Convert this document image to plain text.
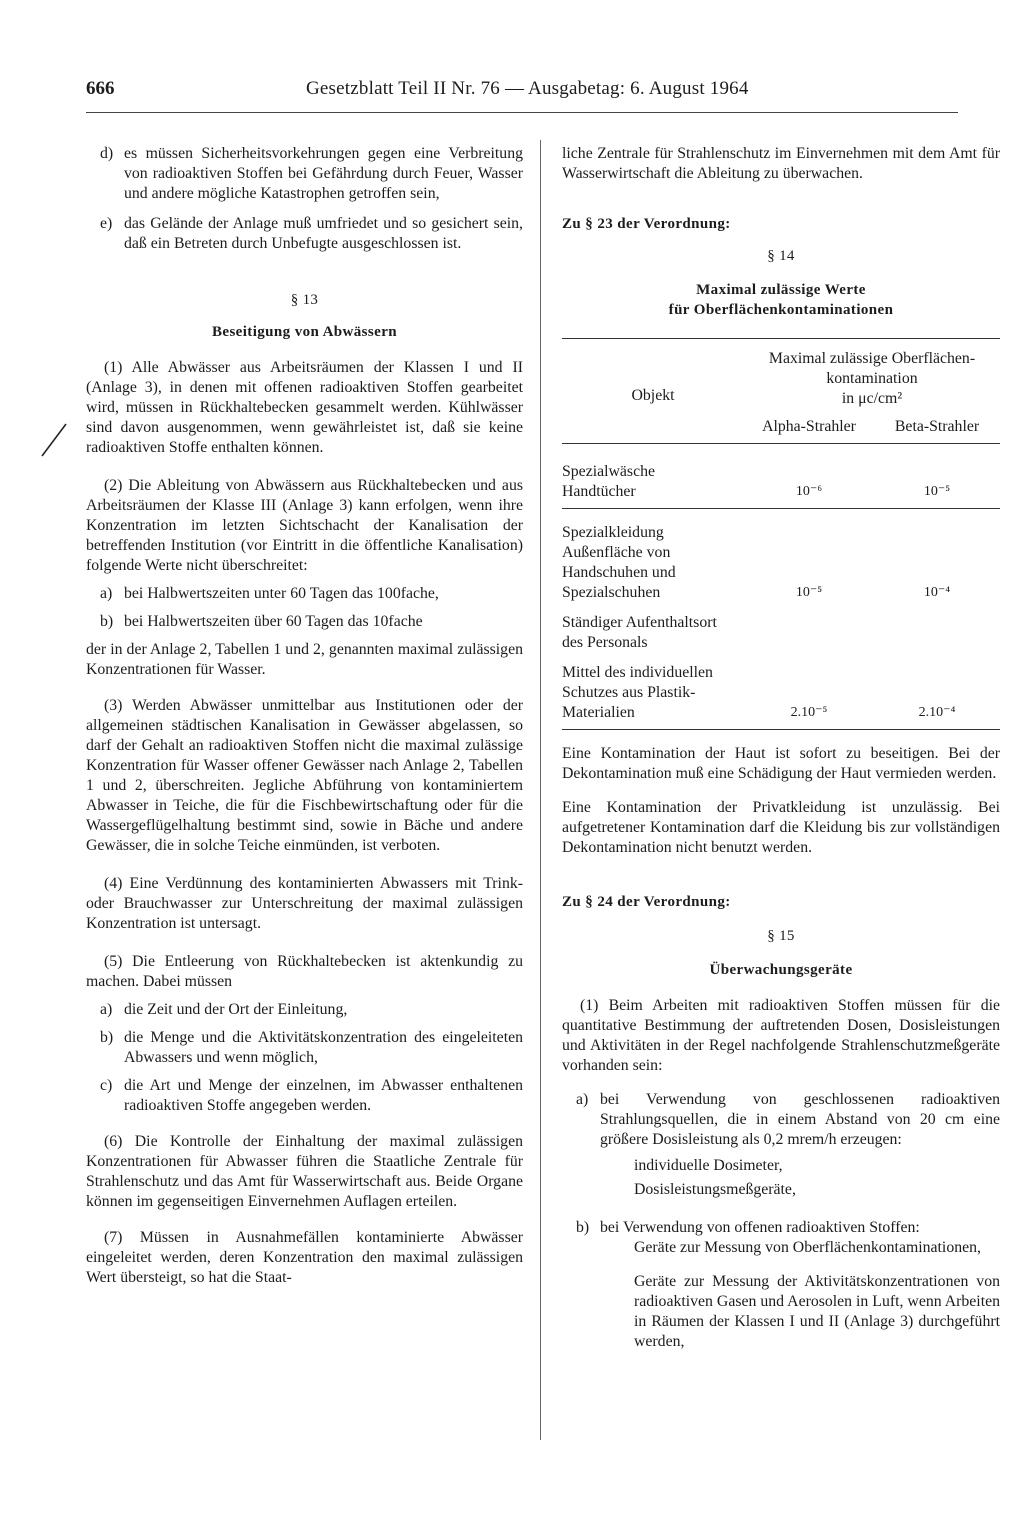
666	Gesetzblatt Teil II Nr. 76 — Ausgabetag: 6. August 1964
d) es müssen Sicherheitsvorkehrungen gegen eine Verbreitung von radioaktiven Stoffen bei Gefährdung durch Feuer, Wasser und andere mögliche Katastrophen getroffen sein,
e) das Gelände der Anlage muß umfriedet und so gesichert sein, daß ein Betreten durch Unbefugte ausgeschlossen ist.
§ 13
Beseitigung von Abwässern

(1) Alle Abwässer aus Arbeitsräumen der Klassen I und II (Anlage 3), in denen mit offenen radioaktiven Stoffen gearbeitet wird, müssen in Rückhaltebecken gesammelt werden. Kühlwässer sind davon ausgenommen, wenn gewährleistet ist, daß sie keine radioaktiven Stoffe enthalten können.

(2) Die Ableitung von Abwässern aus Rückhaltebecken und aus Arbeitsräumen der Klasse III (Anlage 3) kann erfolgen, wenn ihre Konzentration im letzten Sichtschacht der Kanalisation der betreffenden Institution (vor Eintritt in die öffentliche Kanalisation) folgende Werte nicht überschreitet:

a) bei Halbwertszeiten unter 60 Tagen das 100fache,
b) bei Halbwertszeiten über 60 Tagen das 10fache

der in der Anlage 2, Tabellen 1 und 2, genannten maximal zulässigen Konzentrationen für Wasser.

(3) Werden Abwässer unmittelbar aus Institutionen oder der allgemeinen städtischen Kanalisation in Gewässer abgelassen, so darf der Gehalt an radioaktiven Stoffen nicht die maximal zulässige Konzentration für Wasser offener Gewässer nach Anlage 2, Tabellen 1 und 2, überschreiten. Jegliche Abführung von kontaminiertem Abwasser in Teiche, die für die Fischbewirtschaftung oder für die Wassergeflügelhaltung bestimmt sind, sowie in Bäche und andere Gewässer, die in solche Teiche einmünden, ist verboten.

(4) Eine Verdünnung des kontaminierten Abwassers mit Trink- oder Brauchwasser zur Unterschreitung der maximal zulässigen Konzentration ist untersagt.

(5) Die Entleerung von Rückhaltebecken ist aktenkundig zu machen. Dabei müssen

a) die Zeit und der Ort der Einleitung,
b) die Menge und die Aktivitätskonzentration des eingeleiteten Abwassers und wenn möglich,
c) die Art und Menge der einzelnen, im Abwasser enthaltenen radioaktiven Stoffe angegeben werden.

(6) Die Kontrolle der Einhaltung der maximal zulässigen Konzentrationen für Abwasser führen die Staatliche Zentrale für Strahlenschutz und das Amt für Wasserwirtschaft aus. Beide Organe können im gegenseitigen Einvernehmen Auflagen erteilen.

(7) Müssen in Ausnahmefällen kontaminierte Abwässer eingeleitet werden, deren Konzentration den maximal zulässigen Wert übersteigt, so hat die Staat-

liche Zentrale für Strahlenschutz im Einvernehmen mit dem Amt für Wasserwirtschaft die Ableitung zu überwachen.

Zu § 23 der Verordnung:
§ 14
Maximal zulässige Werte
für Oberflächenkontaminationen
Objekt	Maximal zulässige Oberflächen-
kontamination
in μc/cm²	

	Alpha-Strahler	Beta-Strahler

Spezialwäsche
Handtücher	10⁻⁶	10⁻⁵

Spezialkleidung
Außenfläche von Handschuhen und Spezialschuhen	10⁻⁵	10⁻⁴

Ständiger Aufenthaltsort
des Personals		

Mittel des individuellen
Schutzes aus Plastik-Materialien	2.10⁻⁵	2.10⁻⁴

Eine Kontamination der Haut ist sofort zu beseitigen. Bei der Dekontamination muß eine Schädigung der Haut vermieden werden.

Eine Kontamination der Privatkleidung ist unzulässig. Bei aufgetretener Kontamination darf die Kleidung bis zur vollständigen Dekontamination nicht benutzt werden.

Zu § 24 der Verordnung:
§ 15
Überwachungsgeräte

(1) Beim Arbeiten mit radioaktiven Stoffen müssen für die quantitative Bestimmung der auftretenden Dosen, Dosisleistungen und Aktivitäten in der Regel nachfolgende Strahlenschutzmeßgeräte vorhanden sein:

a) bei Verwendung von geschlossenen radioaktiven Strahlungsquellen, die in einem Abstand von 20 cm eine größere Dosisleistung als 0,2 mrem/h erzeugen:
individuelle Dosimeter,
Dosisleistungsmeßgeräte,
b) bei Verwendung von offenen radioaktiven Stoffen:

Geräte zur Messung von Oberflächenkontaminationen,

Geräte zur Messung der Aktivitätskonzentrationen von radioaktiven Gasen und Aerosolen in Luft, wenn Arbeiten in Räumen der Klassen I und II (Anlage 3) durchgeführt werden,
